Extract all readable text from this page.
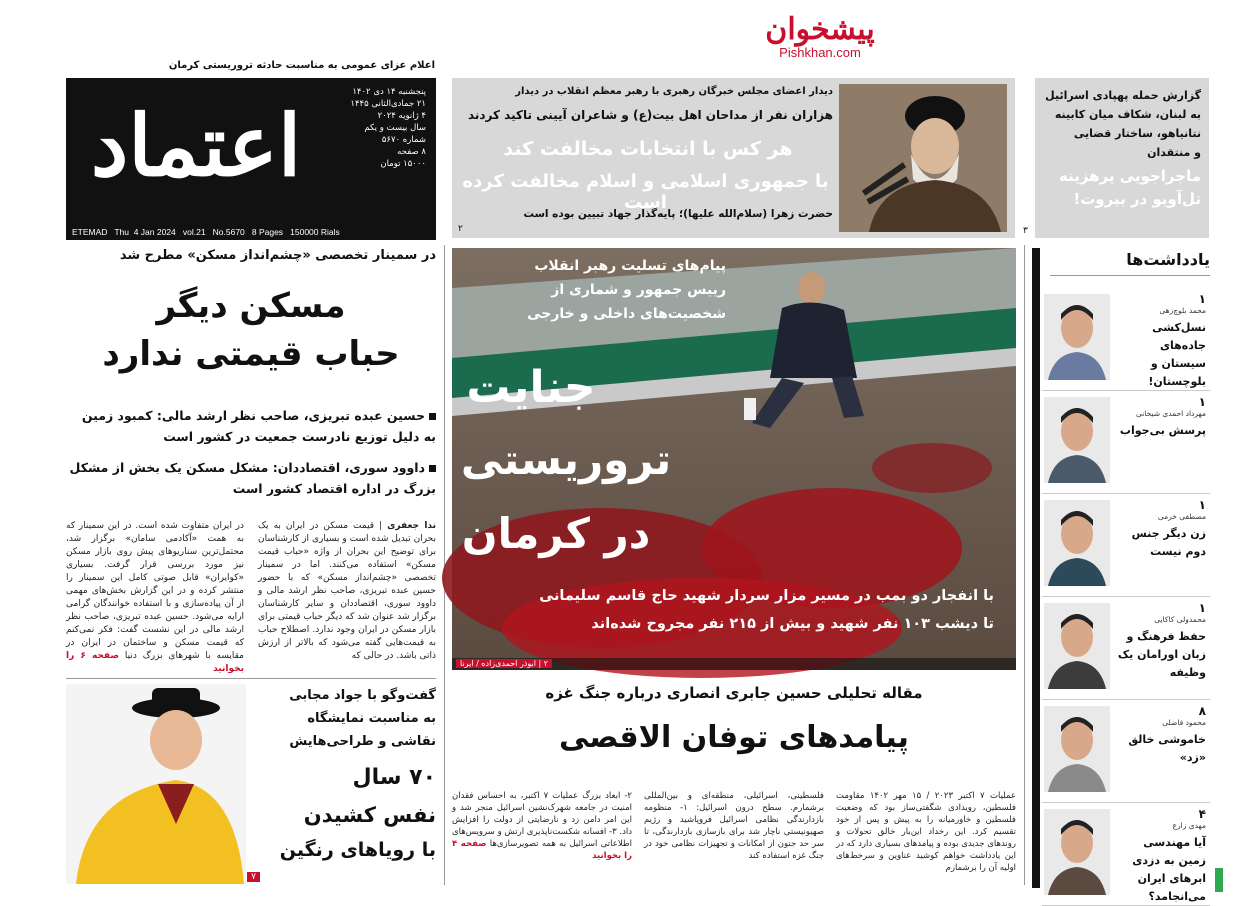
پیشخوان
Pishkhan.com
اعلام عزای عمومی به مناسبت حادثه تروریستی کرمان
اعتماد
پنجشنبه ۱۴ دی ۱۴۰۲
۲۱ جمادی‌الثانی ۱۴۴۵
۴ ژانویه ۲۰۲۴
سال بیست و یکم
شماره ۵۶۷۰
۸ صفحه
۱۵۰۰۰ تومان
ETEMAD   Thu  4 Jan 2024   vol.21   No.5670   8 Pages   150000 Rials
دیدار اعضای مجلس خبرگان رهبری با رهبر معظم انقلاب در دیدار
هزاران نفر از مداحان اهل بیت(ع) و شاعران آیینی تاکید کردند
هر کس با انتخابات مخالفت کند
با جمهوری اسلامی و اسلام مخالفت کرده است
حضرت زهرا (سلام‌الله علیها)؛ پایه‌گذار جهاد تبیین بوده است
۲
گزارش حمله پهپادی اسرائیل
به لبنان، شکاف میان کابینه
نتانیاهو، ساختار قضایی
و منتقدان
ماجراجویی پرهزینه
تل‌آویو در بیروت!
۳
در سمینار تخصصی «چشم‌انداز مسکن» مطرح شد
مسکن دیگر
حباب قیمتی ندارد
حسین عبده تبریزی، صاحب نظر ارشد مالی: کمبود زمین به دلیل توزیع نادرست جمعیت در کشور است
داوود سوری، اقتصاددان: مشکل مسکن یک بخش از مشکل بزرگ در اداره اقتصاد کشور است
ندا جعفری | قیمت مسکن در ایران به یک بحران تبدیل شده است و بسیاری از کارشناسان برای توضیح این بحران از واژه «حباب قیمت مسکن» استفاده می‌کنند. اما در سمینار تخصصی «چشم‌انداز مسکن» که با حضور حسین عبده تبریزی، صاحب نظر ارشد مالی و داوود سوری، اقتصاددان و سایر کارشناسان برگزار شد عنوان شد که دیگر حباب قیمتی برای بازار مسکن در ایران وجود ندارد. اصطلاح حباب به قیمت‌هایی گفته می‌شود که بالاتر از ارزش ذاتی باشد. در حالی که
در ایران متفاوت شده است. در این سمینار که به همت «آکادمی سامان» برگزار شد، محتمل‌ترین سناریوهای پیش روی بازار مسکن نیز مورد بررسی قرار گرفت. بسیاری «کوایران» قابل صوتی کامل این سمینار را منتشر کرده و در این گزارش بخش‌های مهمی از آن پیاده‌سازی و با استفاده خوانندگان گرامی ارایه می‌شود. حسین عبده تبریزی، صاحب نظر ارشد مالی در این نشست گفت: فکر نمی‌کنم که قیمت مسکن و ساختمان در ایران در مقایسه با شهرهای بزرگ دنیا صفحه ۶ را بخوانید
گفت‌وگو با جواد مجابی
به مناسبت نمایشگاه
نقاشی و طراحی‌هایش
۷۰ سال
نفس کشیدن
با رویاهای رنگین
۷
پیام‌های تسلیت رهبر انقلاب
رییس جمهور و شماری از
شخصیت‌های داخلی و خارجی
جنایت
تروریستی
در کرمان
با انفجار دو بمب در مسیر مزار سردار شهید حاج قاسم سلیمانی
تا دیشب ۱۰۳ نفر شهید و بیش از ۲۱۵ نفر مجروح شده‌اند
۲ | ابوذر احمدی‌زاده / ایرنا
مقاله تحلیلی حسین جابری انصاری درباره جنگ غزه
پیامدهای توفان الاقصی
عملیات ۷ اکتبر ۲۰۲۳ / ۱۵ مهر ۱۴۰۲ مقاومت فلسطین، رویدادی شگفتی‌ساز بود که وضعیت فلسطین و خاورمیانه را به پیش و پس از خود تقسیم کرد. این رخداد این‌بار خالق تحولات و روندهای جدیدی بوده و پیامدهای بسیاری دارد که در این یادداشت خواهم کوشید عناوین و سرخط‌های اولیه آن را برشمارم
فلسطینی، اسرائیلی، منطقه‌ای و بین‌المللی برشمارم. سطح درون اسرائیل: ۱- منظومه بازدارندگی نظامی اسرائیل فروپاشید و رژیم صهیونیستی ناچار شد برای بازسازی بازدارندگی، تا سر حد جنون از امکانات و تجهیزات نظامی خود در جنگ غزه استفاده کند
۲- ابعاد بزرگ عملیات ۷ اکتبر، به احساس فقدان امنیت در جامعه شهرک‌نشین اسرائیل منجر شد و این امر دامن زد و نارضایتی از دولت را افزایش داد. ۳- افسانه شکست‌ناپذیری ارتش و سرویس‌های اطلاعاتی اسرائیل به همه تصویرسازی‌ها صفحه ۴ را بخوانید
یادداشت‌ها
۱
محمد بلوچ‌زهی
نسل‌کشی جاده‌های سیستان و بلوچستان!
۱
مهرداد احمدی شیخانی
پرسش بی‌جواب
۱
مصطفی خرمی
زن دیگر جنس دوم نیست
۱
محمدولی کاکایی
حفظ فرهنگ و زبان اورامان یک وظیفه
۸
محمود فاضلی
خاموشی خالق «زد»
۴
مهدی زارع
آیا مهندسی زمین به دزدی ابرهای ایران می‌انجامد؟
